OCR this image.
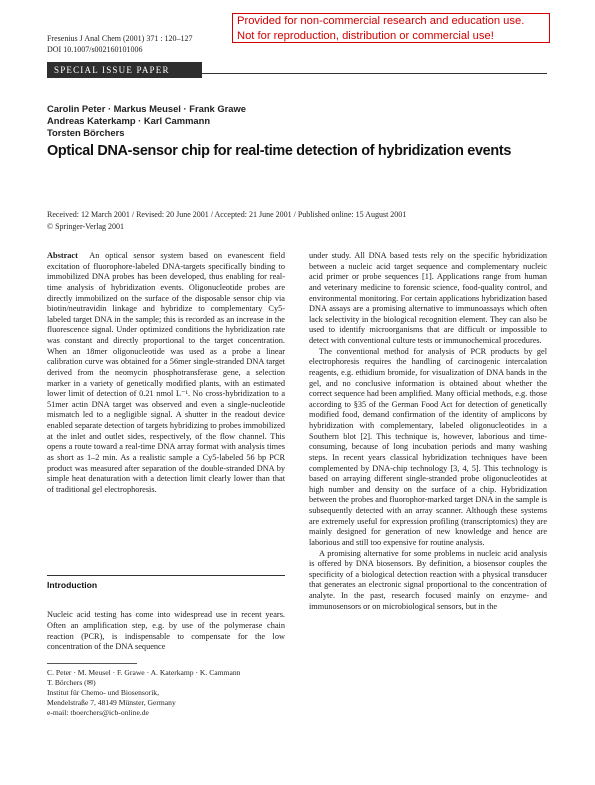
Provided for non-commercial research and education use.
Not for reproduction, distribution or commercial use!
Fresenius J Anal Chem (2001) 371 : 120–127
DOI 10.1007/s002160101006
SPECIAL ISSUE PAPER
Carolin Peter · Markus Meusel · Frank Grawe
Andreas Katerkamp · Karl Cammann
Torsten Börchers
Optical DNA-sensor chip for real-time detection of hybridization events
Received: 12 March 2001 / Revised: 20 June 2001 / Accepted: 21 June 2001 / Published online: 15 August 2001
© Springer-Verlag 2001

Abstract An optical sensor system based on evanescent field excitation of fluorophore-labeled DNA-targets specifically binding to immobilized DNA probes has been developed, thus enabling for real-time analysis of hybridization events. Oligonucleotide probes are directly immobilized on the surface of the disposable sensor chip via biotin/neutravidin linkage and hybridize to complementary Cy5-labeled target DNA in the sample; this is recorded as an increase in the fluorescence signal. Under optimized conditions the hybridization rate was constant and directly proportional to the target concentration. When an 18mer oligonucleotide was used as a probe a linear calibration curve was obtained for a 56mer single-stranded DNA target derived from the neomycin phosphotransferase gene, a selection marker in a variety of genetically modified plants, with an estimated lower limit of detection of 0.21 nmol L⁻¹. No cross-hybridization to a 51mer actin DNA target was observed and even a single-nucleotide mismatch led to a negligible signal. A shutter in the readout device enabled separate detection of targets hybridizing to probes immobilized at the inlet and outlet sides, respectively, of the flow channel. This opens a route toward a real-time DNA array format with analysis times as short as 1–2 min. As a realistic sample a Cy5-labeled 56 bp PCR product was measured after separation of the double-stranded DNA by simple heat denaturation with a detection limit clearly lower than that of traditional gel electrophoresis.

Introduction

Nucleic acid testing has come into widespread use in recent years. Often an amplification step, e.g. by use of the polymerase chain reaction (PCR), is indispensable to compensate for the low concentration of the DNA sequence

C. Peter · M. Meusel · F. Grawe · A. Katerkamp · K. Cammann
T. Börchers (✉)
Institut für Chemo- und Biosensorik,
Mendelstraße 7, 48149 Münster, Germany
e-mail: tboerchers@icb-online.de

under study. All DNA based tests rely on the specific hybridization between a nucleic acid target sequence and complementary nucleic acid primer or probe sequences [1]. Applications range from human and veterinary medicine to forensic science, food-quality control, and environmental monitoring. For certain applications hybridization based DNA assays are a promising alternative to immunoassays which often lack selectivity in the biological recognition element. They can also be used to identify microorganisms that are difficult or impossible to detect with conventional culture tests or immunochemical procedures.

The conventional method for analysis of PCR products by gel electrophoresis requires the handling of carcinogenic intercalation reagents, e.g. ethidium bromide, for visualization of DNA bands in the gel, and no conclusive information is obtained about whether the correct sequence had been amplified. Many official methods, e.g. those according to §35 of the German Food Act for detection of genetically modified food, demand confirmation of the identity of amplicons by hybridization with complementary, labeled oligonucleotides in a Southern blot [2]. This technique is, however, laborious and time-consuming, because of long incubation periods and many washing steps. In recent years classical hybridization techniques have been complemented by DNA-chip technology [3, 4, 5]. This technology is based on arraying different single-stranded probe oligonucleotides at high number and density on the surface of a chip. Hybridization between the probes and fluorophor-marked target DNA in the sample is subsequently detected with an array scanner. Although these systems are extremely useful for expression profiling (transcriptomics) they are mainly designed for generation of new knowledge and hence are laborious and still too expensive for routine analysis.

A promising alternative for some problems in nucleic acid analysis is offered by DNA biosensors. By definition, a biosensor couples the specificity of a biological detection reaction with a physical transducer that generates an electronic signal proportional to the concentration of analyte. In the past, research focused mainly on enzyme- and immunosensors or on microbiological sensors, but in the
